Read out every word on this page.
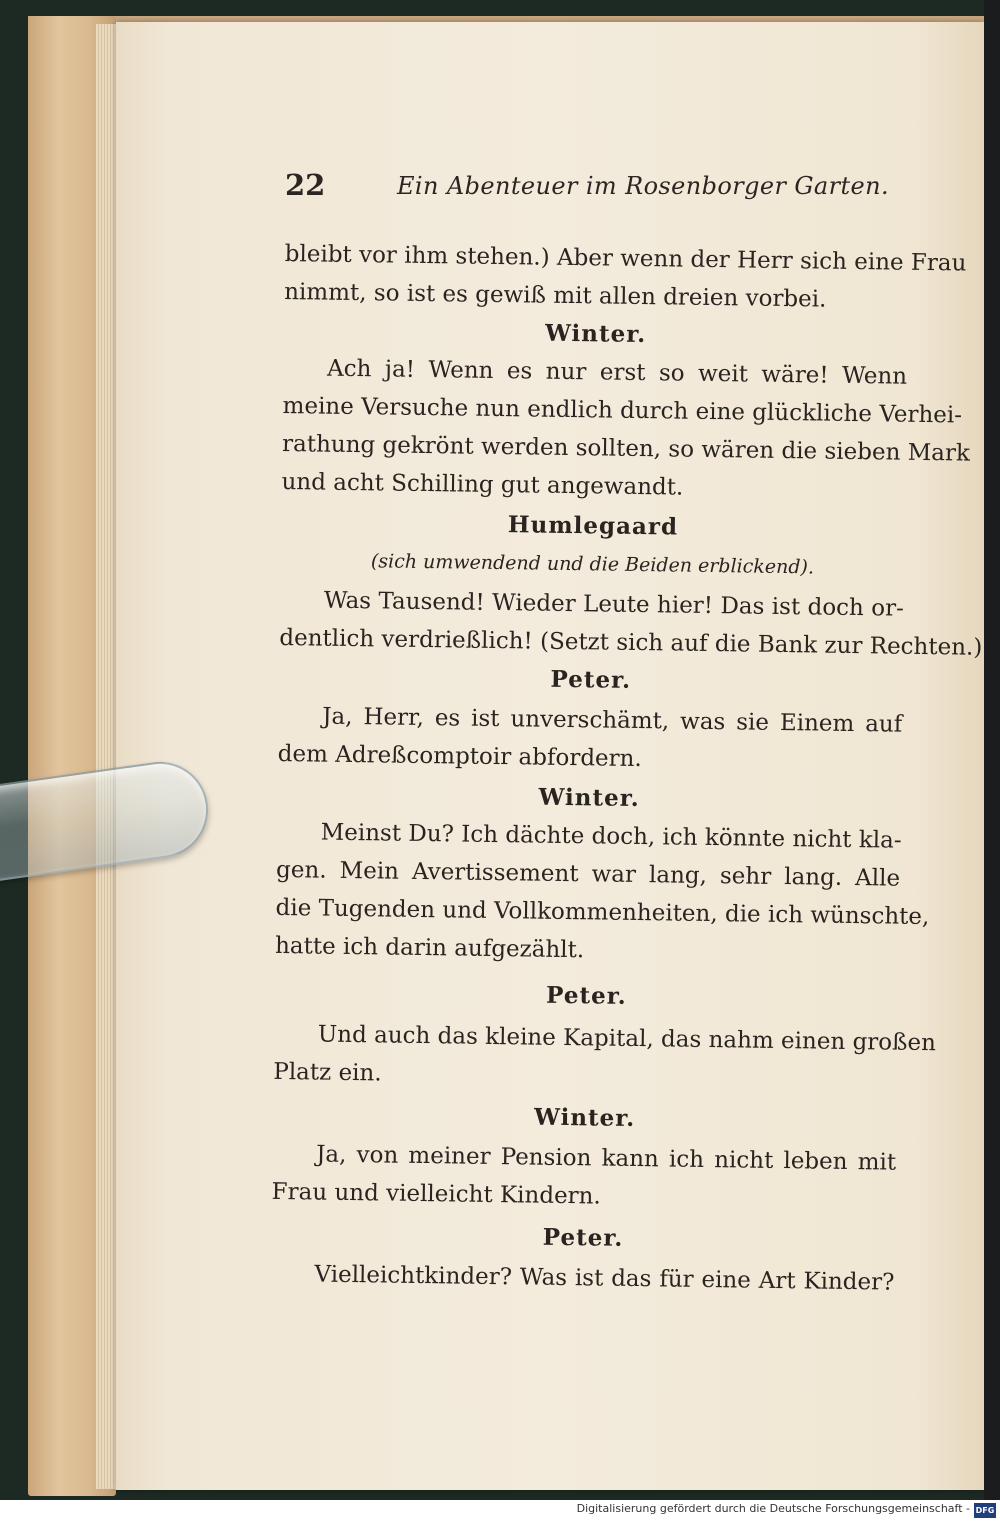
22	Ein Abenteuer im Rosenborger Garten.
bleibt vor ihm stehen.) Aber wenn der Herr sich eine Frau
nimmt, so ist es gewiß mit allen dreien vorbei.
Winter.
Ach ja! Wenn es nur erst so weit wäre! Wenn
meine Versuche nun endlich durch eine glückliche Verhei-
rathung gekrönt werden sollten, so wären die sieben Mark
und acht Schilling gut angewandt.
Humlegaard
(sich umwendend und die Beiden erblickend).
Was Tausend! Wieder Leute hier! Das ist doch or-
dentlich verdrießlich! (Setzt sich auf die Bank zur Rechten.)
Peter.
Ja, Herr, es ist unverschämt, was sie Einem auf
dem Adreßcomptoir abfordern.
Winter.
Meinst Du? Ich dächte doch, ich könnte nicht kla-
gen. Mein Avertissement war lang, sehr lang. Alle
die Tugenden und Vollkommenheiten, die ich wünschte,
hatte ich darin aufgezählt.
Peter.
Und auch das kleine Kapital, das nahm einen großen
Platz ein.
Winter.
Ja, von meiner Pension kann ich nicht leben mit
Frau und vielleicht Kindern.
Peter.
Vielleichtkinder? Was ist das für eine Art Kinder?
Digitalisierung gefördert durch die Deutsche Forschungsgemeinschaft - DFG
